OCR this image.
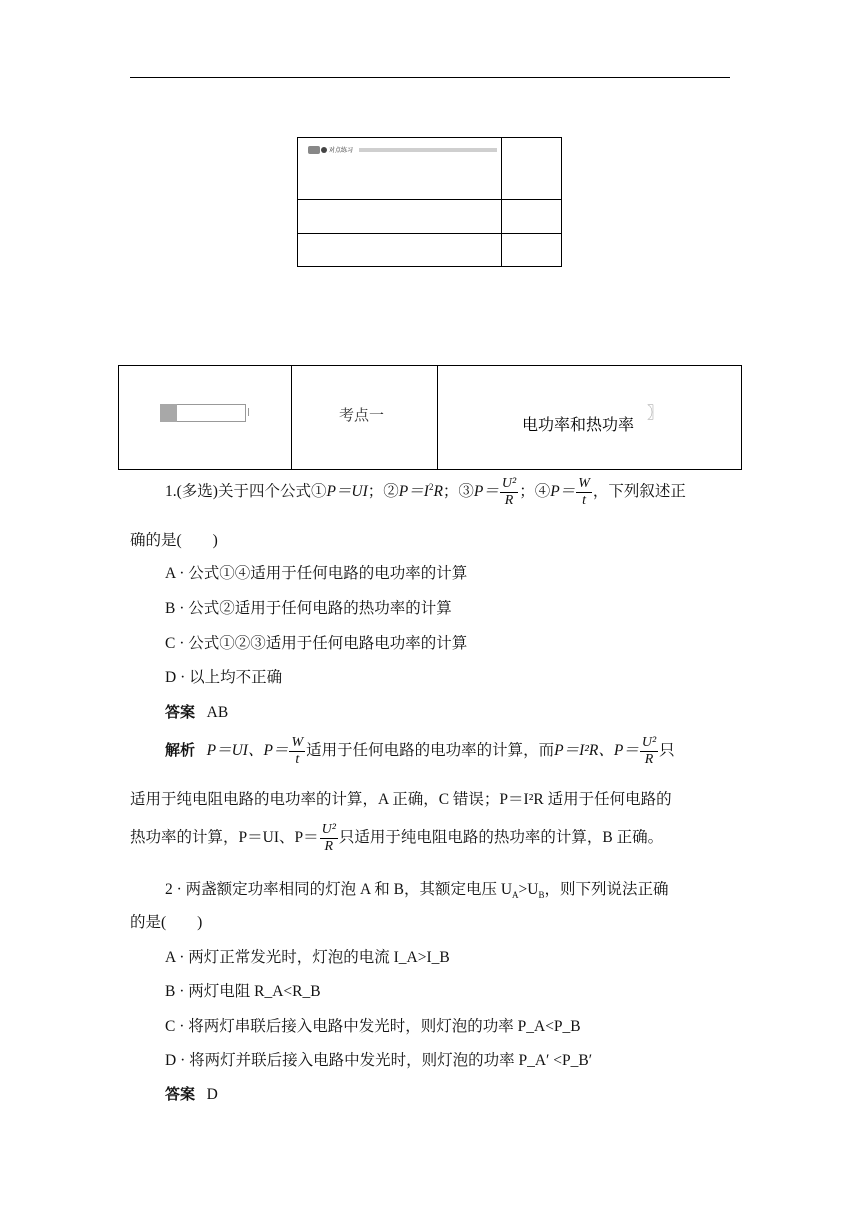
对点练习
考点一	电功率和热功率
〗
1.(多选)关于四个公式①P＝UI；$②P=I^2R$；③P＝ $\frac{\text{U²}}{R}$ ；④P＝ $\frac{W}{t}$ ，下列叙述正
确的是(　　)
A · 公式①④适用于任何电路的电功率的计算
B · 公式②适用于任何电路的热功率的计算
C · 公式①②③适用于任何电路电功率的计算
D · 以上均不正确
答案 AB
解析 P＝UI、$P= \frac{W}{t}$ 适用于任何电路的电功率的计算，而P＝I²R、$P= \frac{\text{U²}}{R}$ 只
适用于纯电阻电路的电功率的计算，A 正确，C 错误；P＝I²R 适用于任何电路的
热功率的计算，P＝UI、$P= \frac{\text{U²}}{R}$ 只适用于纯电阻电路的热功率的计算，B 正确。
2 · 两盏额定功率相同的灯泡 A 和 B，其额定电压 $U_A>U_B$，则下列说法正确
的是(　　)
A · 两灯正常发光时，灯泡的电流 I_A>I_B
B · 两灯电阻 R_A<R_B
C · 将两灯串联后接入电路中发光时，则灯泡的功率 P_A<P_B
D · 将两灯并联后接入电路中发光时，则灯泡的功率 P_A′ <P_B′
答案 D
